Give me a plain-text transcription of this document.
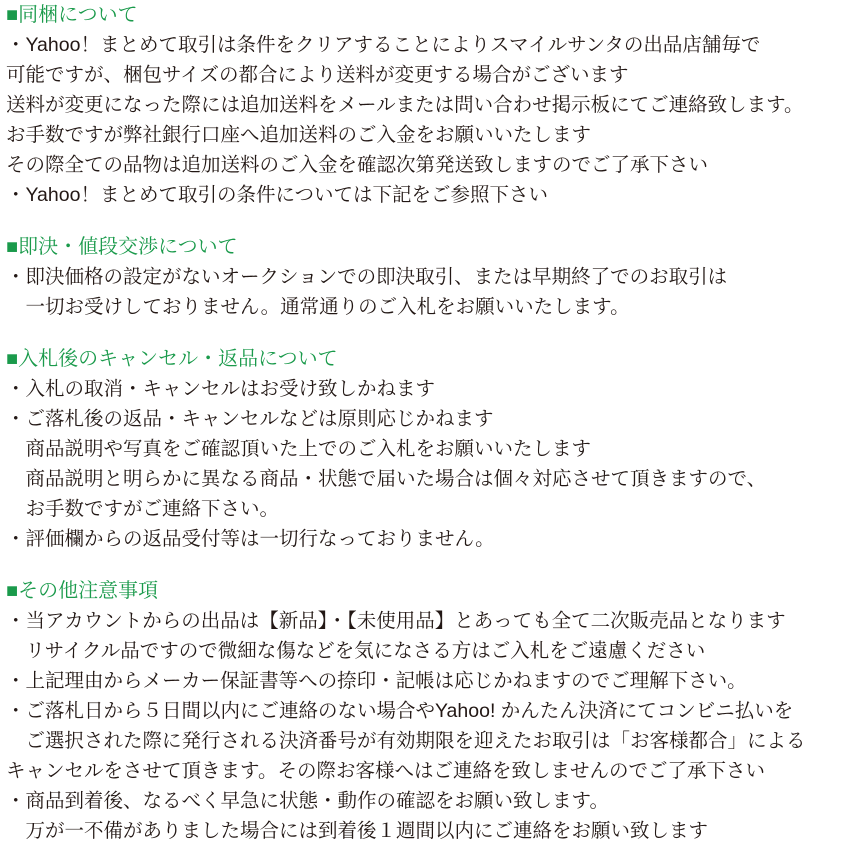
■同梱について
・Yahoo！まとめて取引は条件をクリアすることによりスマイルサンタの出品店舗毎で
可能ですが、梱包サイズの都合により送料が変更する場合がございます
送料が変更になった際には追加送料をメールまたは問い合わせ掲示板にてご連絡致します。
お手数ですが弊社銀行口座へ追加送料のご入金をお願いいたします
その際全ての品物は追加送料のご入金を確認次第発送致しますのでご了承下さい
・Yahoo！まとめて取引の条件については下記をご参照下さい
■即決・値段交渉について
・即決価格の設定がないオークションでの即決取引、または早期終了でのお取引は
　一切お受けしておりません。通常通りのご入札をお願いいたします。
■入札後のキャンセル・返品について
・入札の取消・キャンセルはお受け致しかねます
・ご落札後の返品・キャンセルなどは原則応じかねます
　商品説明や写真をご確認頂いた上でのご入札をお願いいたします
　商品説明と明らかに異なる商品・状態で届いた場合は個々対応させて頂きますので、
　お手数ですがご連絡下さい。
・評価欄からの返品受付等は一切行なっておりません。
■その他注意事項
・当アカウントからの出品は【新品】・【未使用品】とあっても全て二次販売品となります
　リサイクル品ですので微細な傷などを気になさる方はご入札をご遠慮ください
・上記理由からメーカー保証書等への捺印・記帳は応じかねますのでご理解下さい。
・ご落札日から５日間以内にご連絡のない場合やYahoo! かんたん決済にてコンビニ払いを
　ご選択された際に発行される決済番号が有効期限を迎えたお取引は「お客様都合」による
キャンセルをさせて頂きます。その際お客様へはご連絡を致しませんのでご了承下さい
・商品到着後、なるべく早急に状態・動作の確認をお願い致します。
　万が一不備がありました場合には到着後１週間以内にご連絡をお願い致します
